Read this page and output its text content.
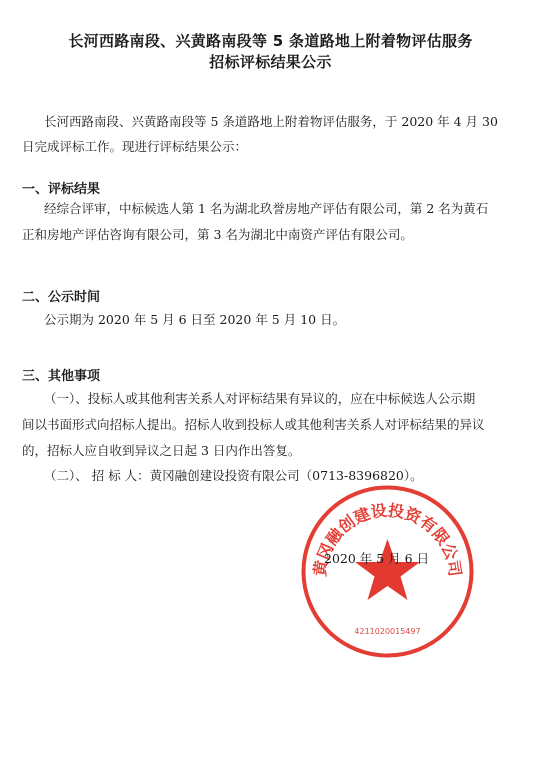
长河西路南段、兴黄路南段等 5 条道路地上附着物评估服务
招标评标结果公示
长河西路南段、兴黄路南段等 5 条道路地上附着物评估服务，于 2020 年 4 月 30
日完成评标工作。现进行评标结果公示：
一、评标结果
经综合评审，中标候选人第 1 名为湖北玖誉房地产评估有限公司，第 2 名为黄石
正和房地产评估咨询有限公司，第 3 名为湖北中南资产评估有限公司。
二、公示时间
公示期为 2020 年 5 月 6 日至 2020 年 5 月 10 日。
三、其他事项
（一）、投标人或其他利害关系人对评标结果有异议的，应在中标候选人公示期
间以书面形式向招标人提出。招标人收到投标人或其他利害关系人对评标结果的异议
的，招标人应自收到异议之日起 3 日内作出答复。
（二）、 招 标 人：黄冈融创建设投资有限公司（0713-8396820）。
黄冈融创建设投资有限公司
4211020015497
2020 年 5 月 6 日
